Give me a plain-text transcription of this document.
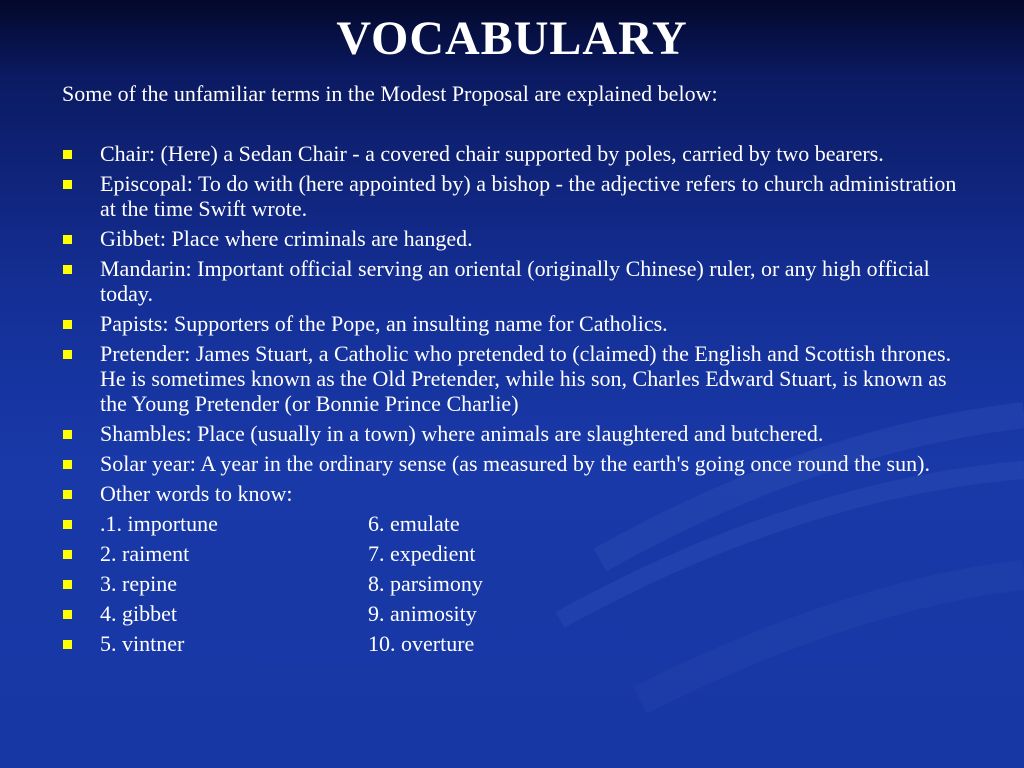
VOCABULARY
Some of the unfamiliar terms in the Modest Proposal are explained below:
Chair: (Here) a Sedan Chair - a covered chair supported by poles, carried by two bearers.
Episcopal: To do with (here appointed by) a bishop - the adjective refers to church administration at the time Swift wrote.
Gibbet: Place where criminals are hanged.
Mandarin: Important official serving an oriental (originally Chinese) ruler, or any high official today.
Papists: Supporters of the Pope, an insulting name for Catholics.
Pretender: James Stuart, a Catholic who pretended to (claimed) the English and Scottish thrones. He is sometimes known as the Old Pretender, while his son, Charles Edward Stuart, is known as the Young Pretender (or Bonnie Prince Charlie)
Shambles: Place (usually in a town) where animals are slaughtered and butchered.
Solar year: A year in the ordinary sense (as measured by the earth's going once round the sun).
Other words to know:
.1. importune	6. emulate
2. raiment	7. expedient
3. repine	8. parsimony
4. gibbet	9. animosity
5. vintner	10. overture
